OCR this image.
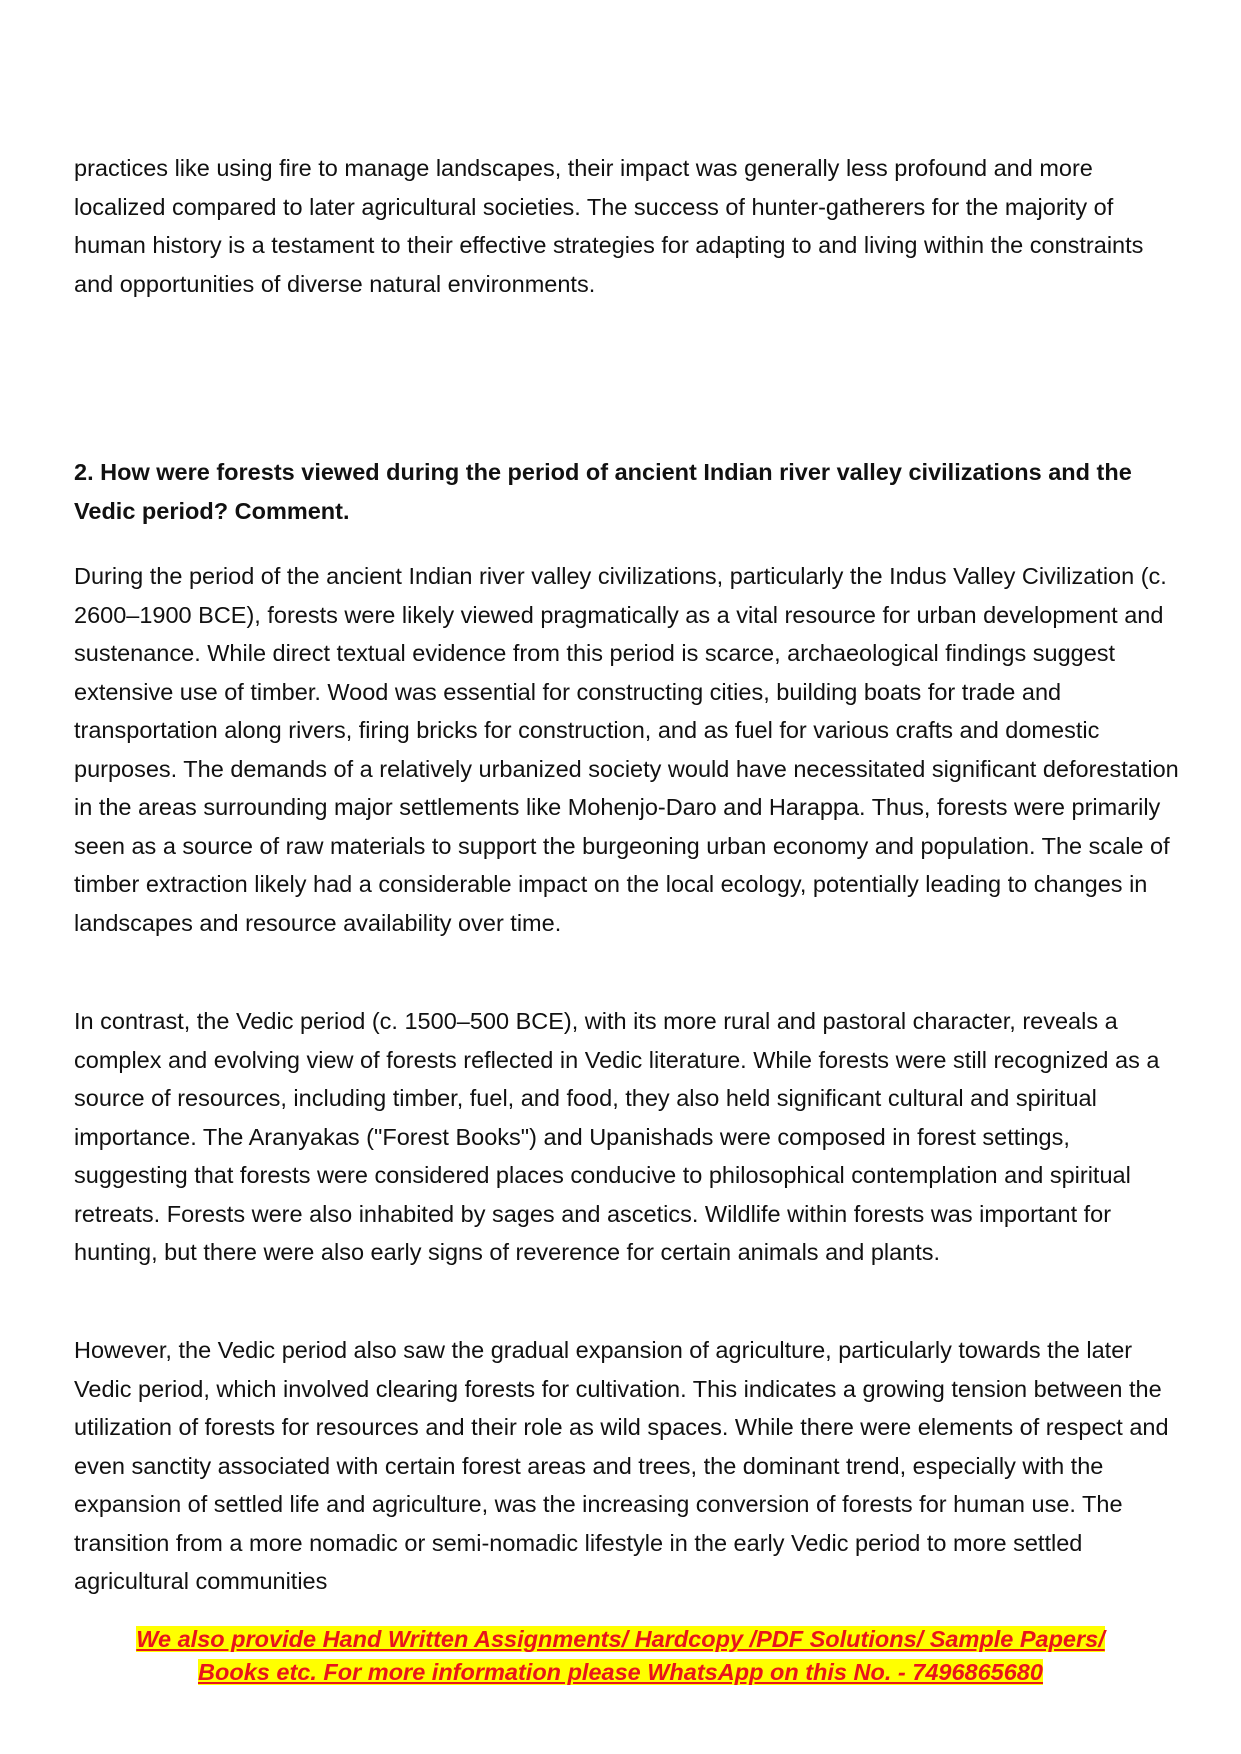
practices like using fire to manage landscapes, their impact was generally less profound and more localized compared to later agricultural societies. The success of hunter-gatherers for the majority of human history is a testament to their effective strategies for adapting to and living within the constraints and opportunities of diverse natural environments.

2. How were forests viewed during the period of ancient Indian river valley civilizations and the Vedic period? Comment.

During the period of the ancient Indian river valley civilizations, particularly the Indus Valley Civilization (c. 2600–1900 BCE), forests were likely viewed pragmatically as a vital resource for urban development and sustenance. While direct textual evidence from this period is scarce, archaeological findings suggest extensive use of timber. Wood was essential for constructing cities, building boats for trade and transportation along rivers, firing bricks for construction, and as fuel for various crafts and domestic purposes. The demands of a relatively urbanized society would have necessitated significant deforestation in the areas surrounding major settlements like Mohenjo-Daro and Harappa. Thus, forests were primarily seen as a source of raw materials to support the burgeoning urban economy and population. The scale of timber extraction likely had a considerable impact on the local ecology, potentially leading to changes in landscapes and resource availability over time.

In contrast, the Vedic period (c. 1500–500 BCE), with its more rural and pastoral character, reveals a complex and evolving view of forests reflected in Vedic literature. While forests were still recognized as a source of resources, including timber, fuel, and food, they also held significant cultural and spiritual importance. The Aranyakas ("Forest Books") and Upanishads were composed in forest settings, suggesting that forests were considered places conducive to philosophical contemplation and spiritual retreats. Forests were also inhabited by sages and ascetics. Wildlife within forests was important for hunting, but there were also early signs of reverence for certain animals and plants.

However, the Vedic period also saw the gradual expansion of agriculture, particularly towards the later Vedic period, which involved clearing forests for cultivation. This indicates a growing tension between the utilization of forests for resources and their role as wild spaces. While there were elements of respect and even sanctity associated with certain forest areas and trees, the dominant trend, especially with the expansion of settled life and agriculture, was the increasing conversion of forests for human use. The transition from a more nomadic or semi-nomadic lifestyle in the early Vedic period to more settled agricultural communities

We also provide Hand Written Assignments/ Hardcopy /PDF Solutions/ Sample Papers/
Books etc. For more information please WhatsApp on this No. - 7496865680
